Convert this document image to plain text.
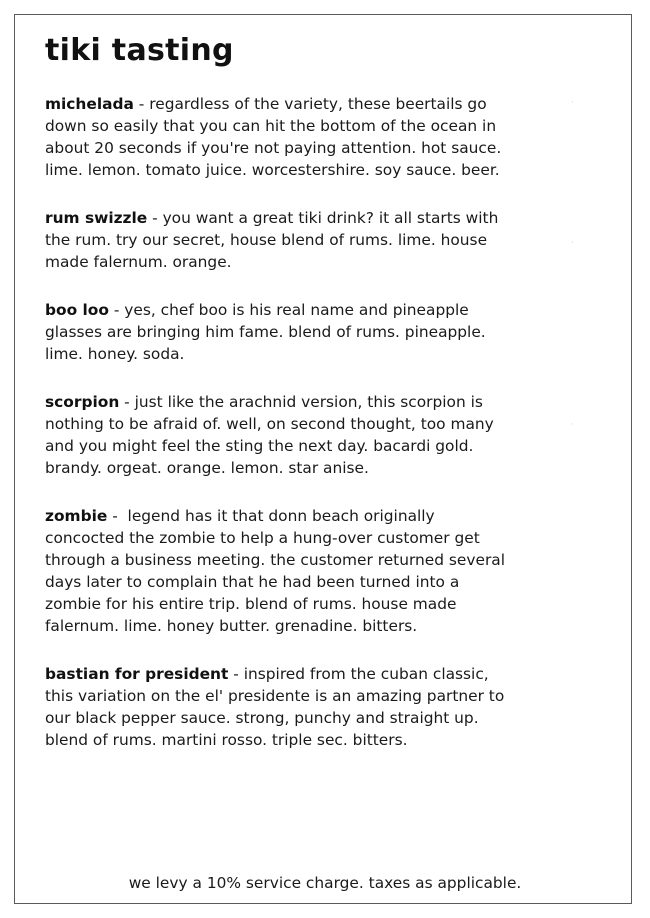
tiki tasting
⋅
⋅
⋅

michelada - regardless of the variety, these beertails go down so easily that you can hit the bottom of the ocean in about 20 seconds if you're not paying attention. hot sauce. lime. lemon. tomato juice. worcestershire. soy sauce. beer.

rum swizzle - you want a great tiki drink? it all starts with the rum. try our secret, house blend of rums. lime. house made falernum. orange.

boo loo - yes, chef boo is his real name and pineapple glasses are bringing him fame. blend of rums. pineapple. lime. honey. soda.

scorpion - just like the arachnid version, this scorpion is nothing to be afraid of. well, on second thought, too many and you might feel the sting the next day. bacardi gold. brandy. orgeat. orange. lemon. star anise.

zombie -  legend has it that donn beach originally concocted the zombie to help a hung-over customer get through a business meeting. the customer returned several days later to complain that he had been turned into a zombie for his entire trip. blend of rums. house made falernum. lime. honey butter. grenadine. bitters.

bastian for president - inspired from the cuban classic, this variation on the el' presidente is an amazing partner to our black pepper sauce. strong, punchy and straight up. blend of rums. martini rosso. triple sec. bitters.

we levy a 10% service charge. taxes as applicable.
